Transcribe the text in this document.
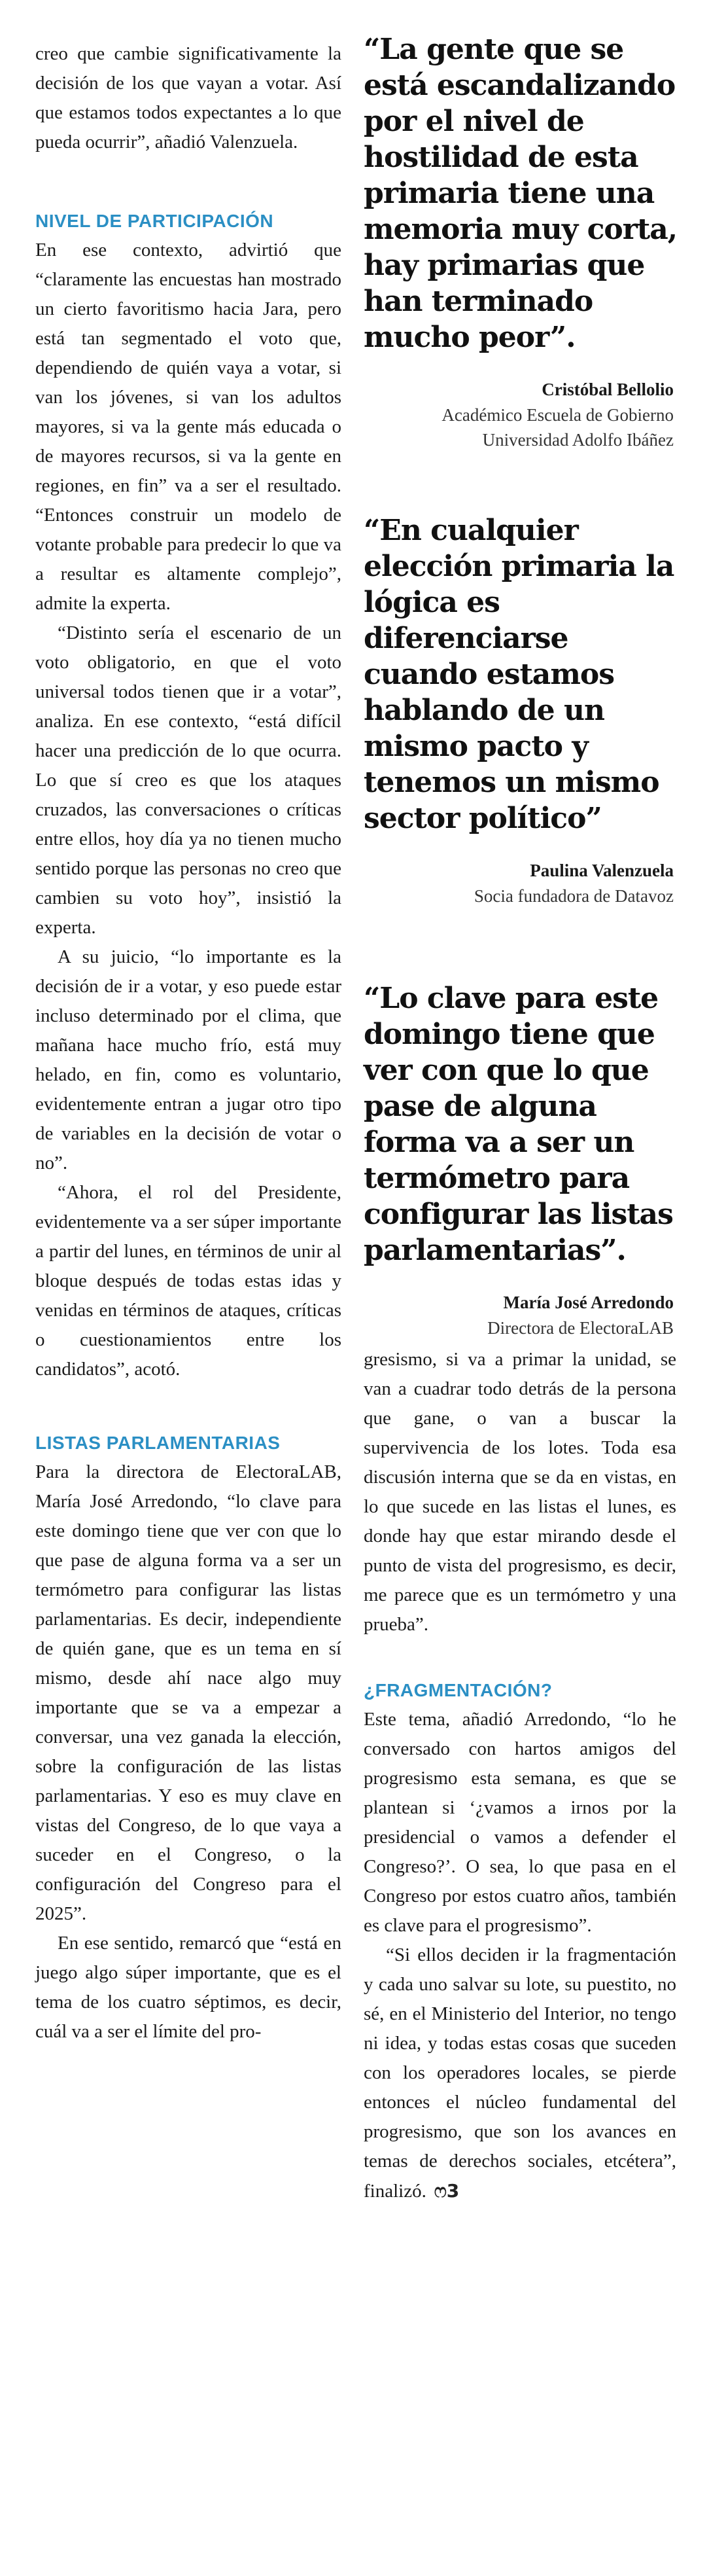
creo que cambie significativamente la decisión de los que vayan a votar. Así que estamos todos expectantes a lo que pueda ocurrir”, añadió Valenzuela.

NIVEL DE PARTICIPACIÓN

En ese contexto, advirtió que “claramente las encuestas han mostrado un cierto favoritismo hacia Jara, pero está tan segmentado el voto que, dependiendo de quién vaya a votar, si van los jóvenes, si van los adultos mayores, si va la gente más educada o de mayores recursos, si va la gente en regiones, en fin” va a ser el resultado. “Entonces construir un modelo de votante probable para predecir lo que va a resultar es altamente complejo”, admite la experta.

“Distinto sería el escenario de un voto obligatorio, en que el voto universal todos tienen que ir a votar”, analiza. En ese contexto, “está difícil hacer una predicción de lo que ocurra. Lo que sí creo es que los ataques cruzados, las conversaciones o críticas entre ellos, hoy día ya no tienen mucho sentido porque las personas no creo que cambien su voto hoy”, insistió la experta.

A su juicio, “lo importante es la decisión de ir a votar, y eso puede estar incluso determinado por el clima, que mañana hace mucho frío, está muy helado, en fin, como es voluntario, evidentemente entran a jugar otro tipo de variables en la decisión de votar o no”.

“Ahora, el rol del Presidente, evidentemente va a ser súper importante a partir del lunes, en términos de unir al bloque después de todas estas idas y venidas en términos de ataques, críticas o cuestionamientos entre los candidatos”, acotó.

LISTAS PARLAMENTARIAS

Para la directora de ElectoraLAB, María José Arredondo, “lo clave para este domingo tiene que ver con que lo que pase de alguna forma va a ser un termómetro para configurar las listas parlamentarias. Es decir, independiente de quién gane, que es un tema en sí mismo, desde ahí nace algo muy importante que se va a empezar a conversar, una vez ganada la elección, sobre la configuración de las listas parlamentarias. Y eso es muy clave en vistas del Congreso, de lo que vaya a suceder en el Congreso, o la configuración del Congreso para el 2025”.

En ese sentido, remarcó que “está en juego algo súper importante, que es el tema de los cuatro séptimos, es decir, cuál va a ser el límite del pro-

“La gente que se está escandalizando por el nivel de hostilidad de esta primaria tiene una memoria muy corta, hay primarias que han terminado mucho peor”.

Cristóbal Bellolio
Académico Escuela de Gobierno
Universidad Adolfo Ibáñez

“En cualquier elección primaria la lógica es diferenciarse cuando estamos hablando de un mismo pacto y tenemos un mismo sector político”

Paulina Valenzuela
Socia fundadora de Datavoz

“Lo clave para este domingo tiene que ver con que lo que pase de alguna forma va a ser un termómetro para configurar las listas parlamentarias”.

María José Arredondo
Directora de ElectoraLAB

gresismo, si va a primar la unidad, se van a cuadrar todo detrás de la persona que gane, o van a buscar la supervivencia de los lotes. Toda esa discusión interna que se da en vistas, en lo que sucede en las listas el lunes, es donde hay que estar mirando desde el punto de vista del progresismo, es decir, me parece que es un termómetro y una prueba”.

¿FRAGMENTACIÓN?

Este tema, añadió Arredondo, “lo he conversado con hartos amigos del progresismo esta semana, es que se plantean si ‘¿vamos a irnos por la presidencial o vamos a defender el Congreso?’. O sea, lo que pasa en el Congreso por estos cuatro años, también es clave para el progresismo”.

“Si ellos deciden ir la fragmentación y cada uno salvar su lote, su puestito, no sé, en el Ministerio del Interior, no tengo ni idea, y todas estas cosas que suceden con los operadores locales, se pierde entonces el núcleo fundamental del progresismo, que son los avances en temas de derechos sociales, etcétera”, finalizó. ෆ3
